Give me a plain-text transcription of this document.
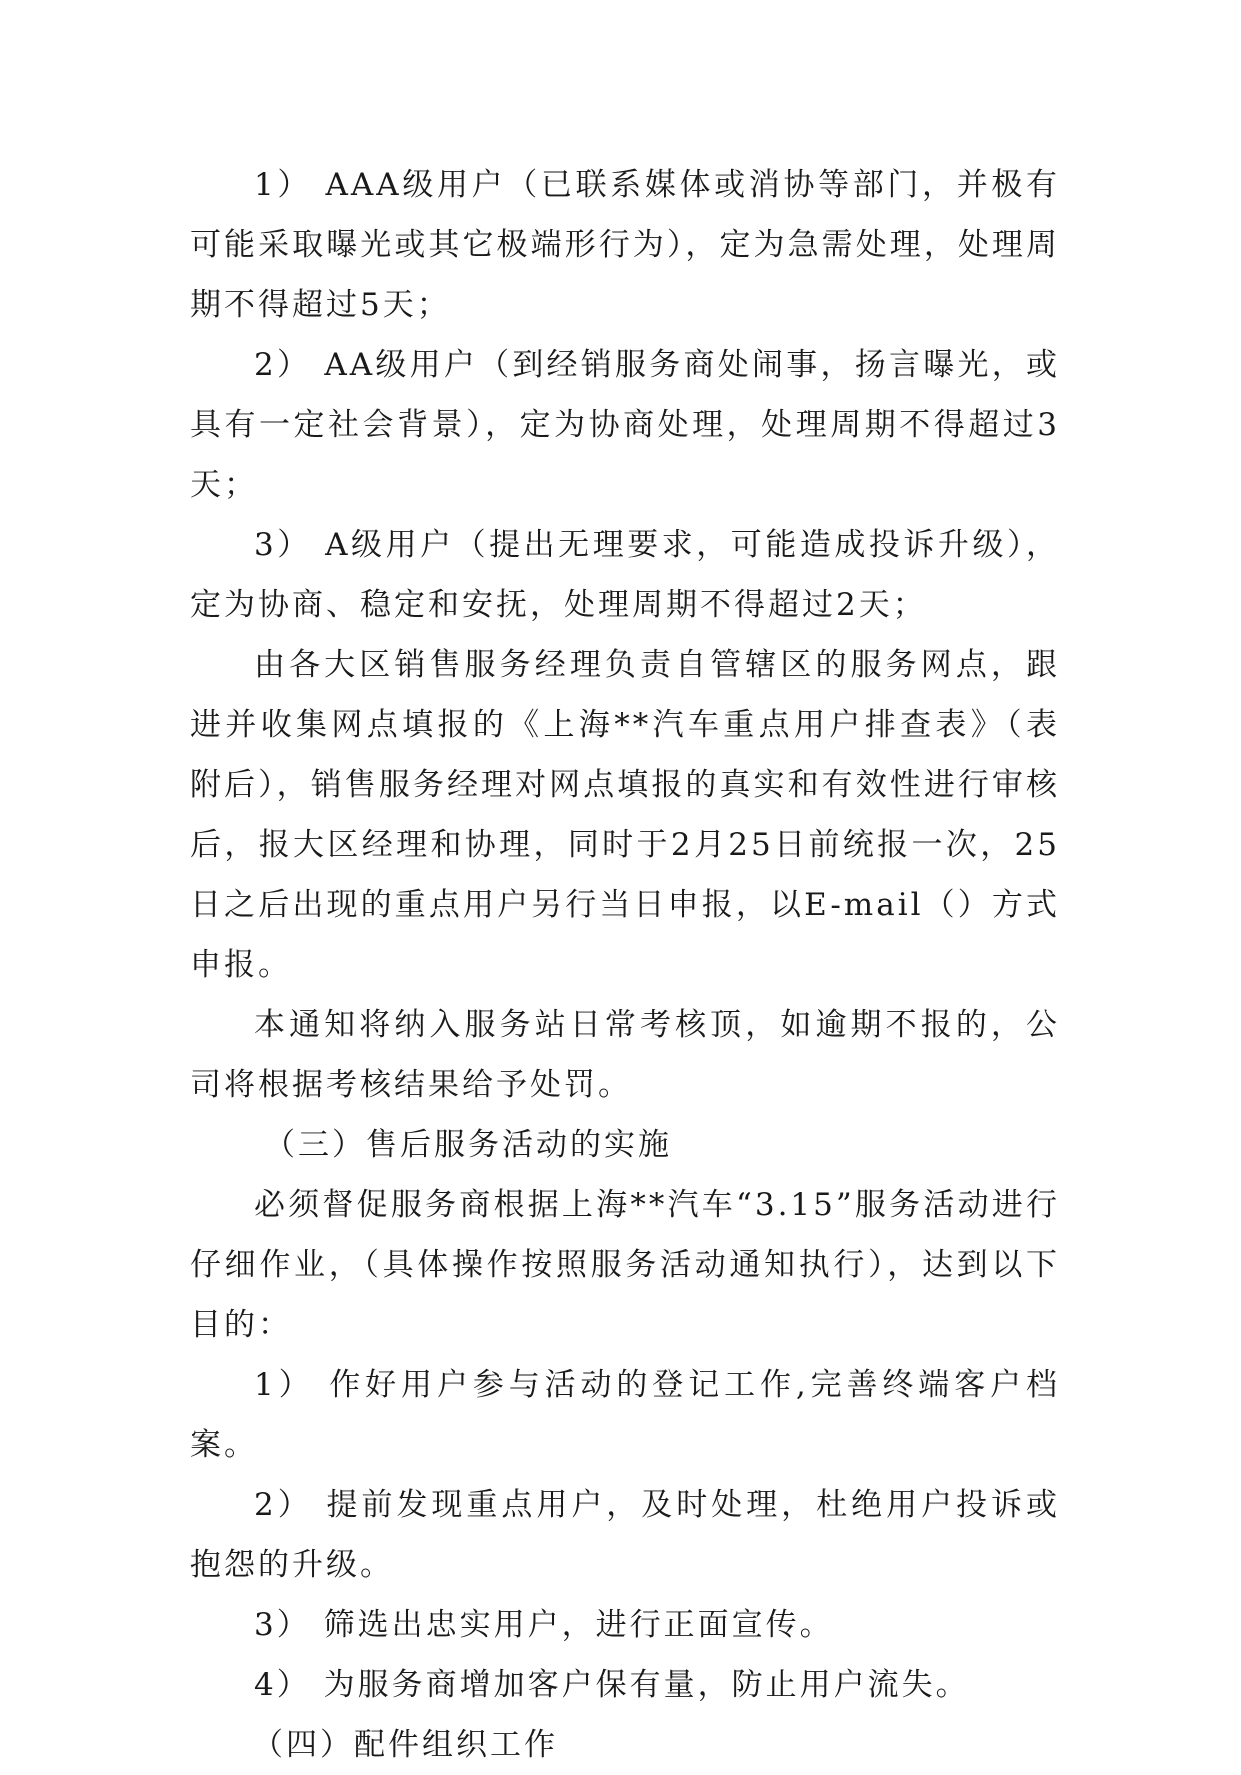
1） AAA级用户（已联系媒体或消协等部门，并极有可能采取曝光或其它极端形行为），定为急需处理，处理周期不得超过5天；

2） AA级用户（到经销服务商处闹事，扬言曝光，或具有一定社会背景），定为协商处理，处理周期不得超过3天；

3） A级用户（提出无理要求，可能造成投诉升级），定为协商、稳定和安抚，处理周期不得超过2天；

由各大区销售服务经理负责自管辖区的服务网点，跟进并收集网点填报的《上海**汽车重点用户排查表》（表附后），销售服务经理对网点填报的真实和有效性进行审核后，报大区经理和协理，同时于2月25日前统报一次，25日之后出现的重点用户另行当日申报，以E-mail（）方式申报。

本通知将纳入服务站日常考核顶，如逾期不报的，公司将根据考核结果给予处罚。

（三）售后服务活动的实施

必须督促服务商根据上海**汽车“3.15”服务活动进行仔细作业，（具体操作按照服务活动通知执行），达到以下目的：

1） 作好用户参与活动的登记工作,完善终端客户档案。

2） 提前发现重点用户，及时处理，杜绝用户投诉或抱怨的升级。

3） 筛选出忠实用户，进行正面宣传。

4） 为服务商增加客户保有量，防止用户流失。

（四）配件组织工作
